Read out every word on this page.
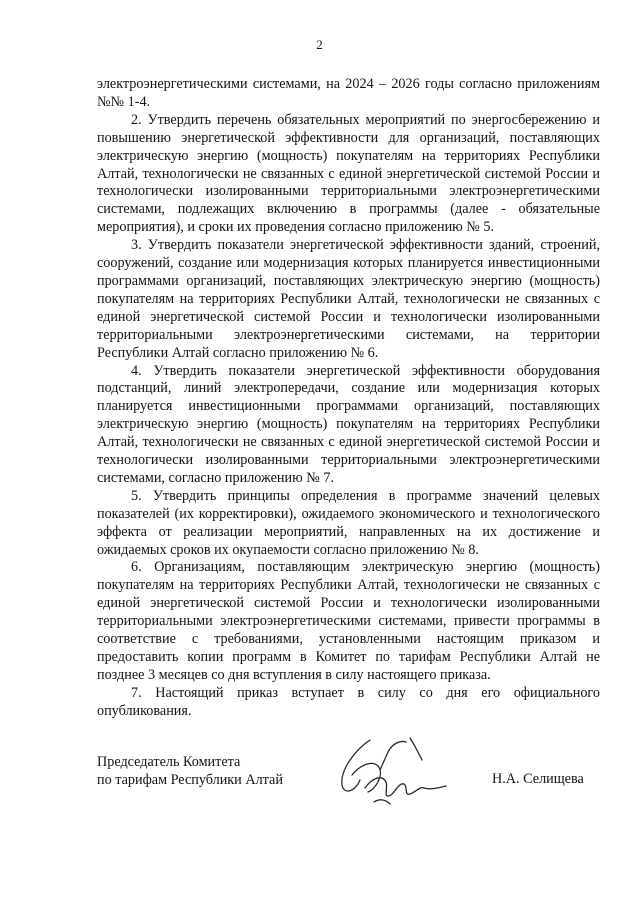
2

электроэнергетическими системами, на 2024 – 2026 годы согласно приложениям №№ 1-4.

2. Утвердить перечень обязательных мероприятий по энергосбережению и повышению энергетической эффективности для организаций, поставляющих электрическую энергию (мощность) покупателям на территориях Республики Алтай, технологически не связанных с единой энергетической системой России и технологически изолированными территориальными электроэнергетическими системами, подлежащих включению в программы (далее - обязательные мероприятия), и сроки их проведения согласно приложению № 5.

3. Утвердить показатели энергетической эффективности зданий, строений, сооружений, создание или модернизация которых планируется инвестиционными программами организаций, поставляющих электрическую энергию (мощность) покупателям на территориях Республики Алтай, технологически не связанных с единой энергетической системой России и технологически изолированными территориальными электроэнергетическими системами, на территории Республики Алтай согласно приложению № 6.

4. Утвердить показатели энергетической эффективности оборудования подстанций, линий электропередачи, создание или модернизация которых планируется инвестиционными программами организаций, поставляющих электрическую энергию (мощность) покупателям на территориях Республики Алтай, технологически не связанных с единой энергетической системой России и технологически изолированными территориальными электроэнергетическими системами, согласно приложению № 7.

5. Утвердить принципы определения в программе значений целевых показателей (их корректировки), ожидаемого экономического и технологического эффекта от реализации мероприятий, направленных на их достижение и ожидаемых сроков их окупаемости согласно приложению № 8.

6. Организациям, поставляющим электрическую энергию (мощность) покупателям на территориях Республики Алтай, технологически не связанных с единой энергетической системой России и технологически изолированными территориальными электроэнергетическими системами, привести программы в соответствие с требованиями, установленными настоящим приказом и предоставить копии программ в Комитет по тарифам Республики Алтай не позднее 3 месяцев со дня вступления в силу настоящего приказа.

7. Настоящий приказ вступает в силу со дня его официального опубликования.

Председатель Комитета
по тарифам Республики Алтай	Н.А. Селищева
